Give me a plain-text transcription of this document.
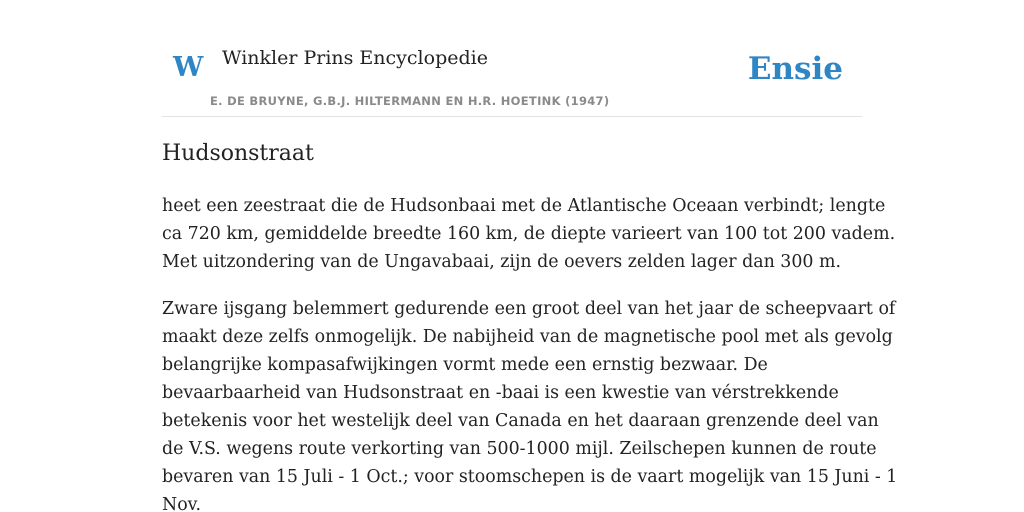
W Winkler Prins Encyclopedie
E. DE BRUYNE, G.B.J. HILTERMANN EN H.R. HOETINK (1947)
Ensie
Hudsonstraat

heet een zeestraat die de Hudsonbaai met de Atlantische Oceaan verbindt; lengte
ca 720 km, gemiddelde breedte 160 km, de diepte varieert van 100 tot 200 vadem.
Met uitzondering van de Ungavabaai, zijn de oevers zelden lager dan 300 m.

Zware ijsgang belemmert gedurende een groot deel van het jaar de scheepvaart of
maakt deze zelfs onmogelijk. De nabijheid van de magnetische pool met als gevolg
belangrijke kompasafwijkingen vormt mede een ernstig bezwaar. De
bevaarbaarheid van Hudsonstraat en -baai is een kwestie van vérstrekkende
betekenis voor het westelijk deel van Canada en het daaraan grenzende deel van
de V.S. wegens route verkorting van 500-1000 mijl. Zeilschepen kunnen de route
bevaren van 15 Juli - 1 Oct.; voor stoomschepen is de vaart mogelijk van 15 Juni - 1
Nov.
